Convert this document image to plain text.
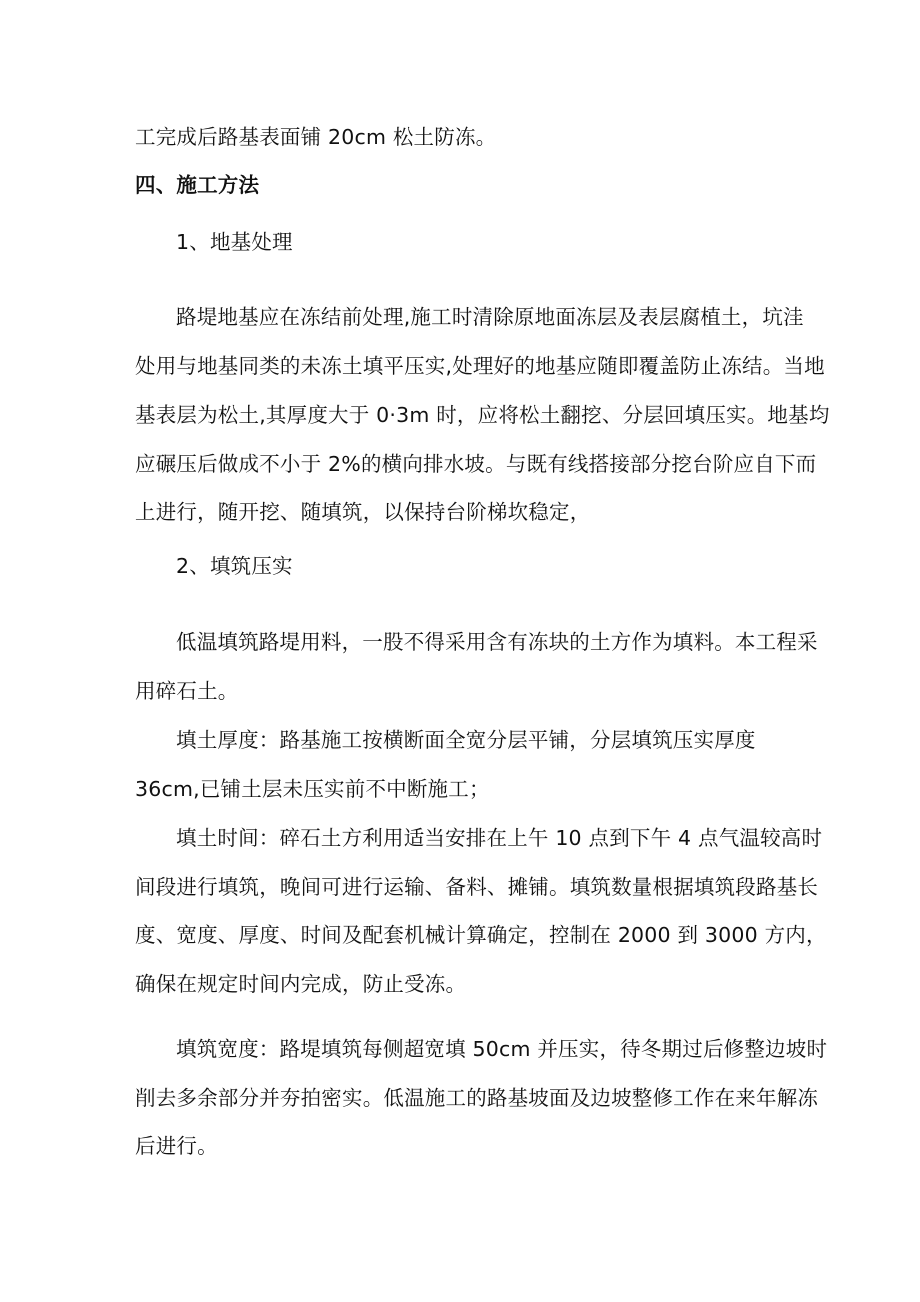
工完成后路基表面铺 20cm 松土防冻。
四、施工方法
1、地基处理
路堤地基应在冻结前处理,施工时清除原地面冻层及表层腐植土，坑洼
处用与地基同类的未冻土填平压实,处理好的地基应随即覆盖防止冻结。当地
基表层为松土,其厚度大于 0·3m 时，应将松土翻挖、分层回填压实。地基均
应碾压后做成不小于 2%的横向排水坡。与既有线搭接部分挖台阶应自下而
上进行，随开挖、随填筑，以保持台阶梯坎稳定，
2、填筑压实
低温填筑路堤用料，一股不得采用含有冻块的土方作为填料。本工程采
用碎石土。
填土厚度：路基施工按横断面全宽分层平铺，分层填筑压实厚度
36cm,已铺土层未压实前不中断施工；
填土时间：碎石土方利用适当安排在上午 10 点到下午 4 点气温较高时
间段进行填筑，晚间可进行运输、备料、摊铺。填筑数量根据填筑段路基长
度、宽度、厚度、时间及配套机械计算确定，控制在 2000 到 3000 方内，
确保在规定时间内完成，防止受冻。
填筑宽度：路堤填筑每侧超宽填 50cm 并压实，待冬期过后修整边坡时
削去多余部分并夯拍密实。低温施工的路基坡面及边坡整修工作在来年解冻
后进行。
